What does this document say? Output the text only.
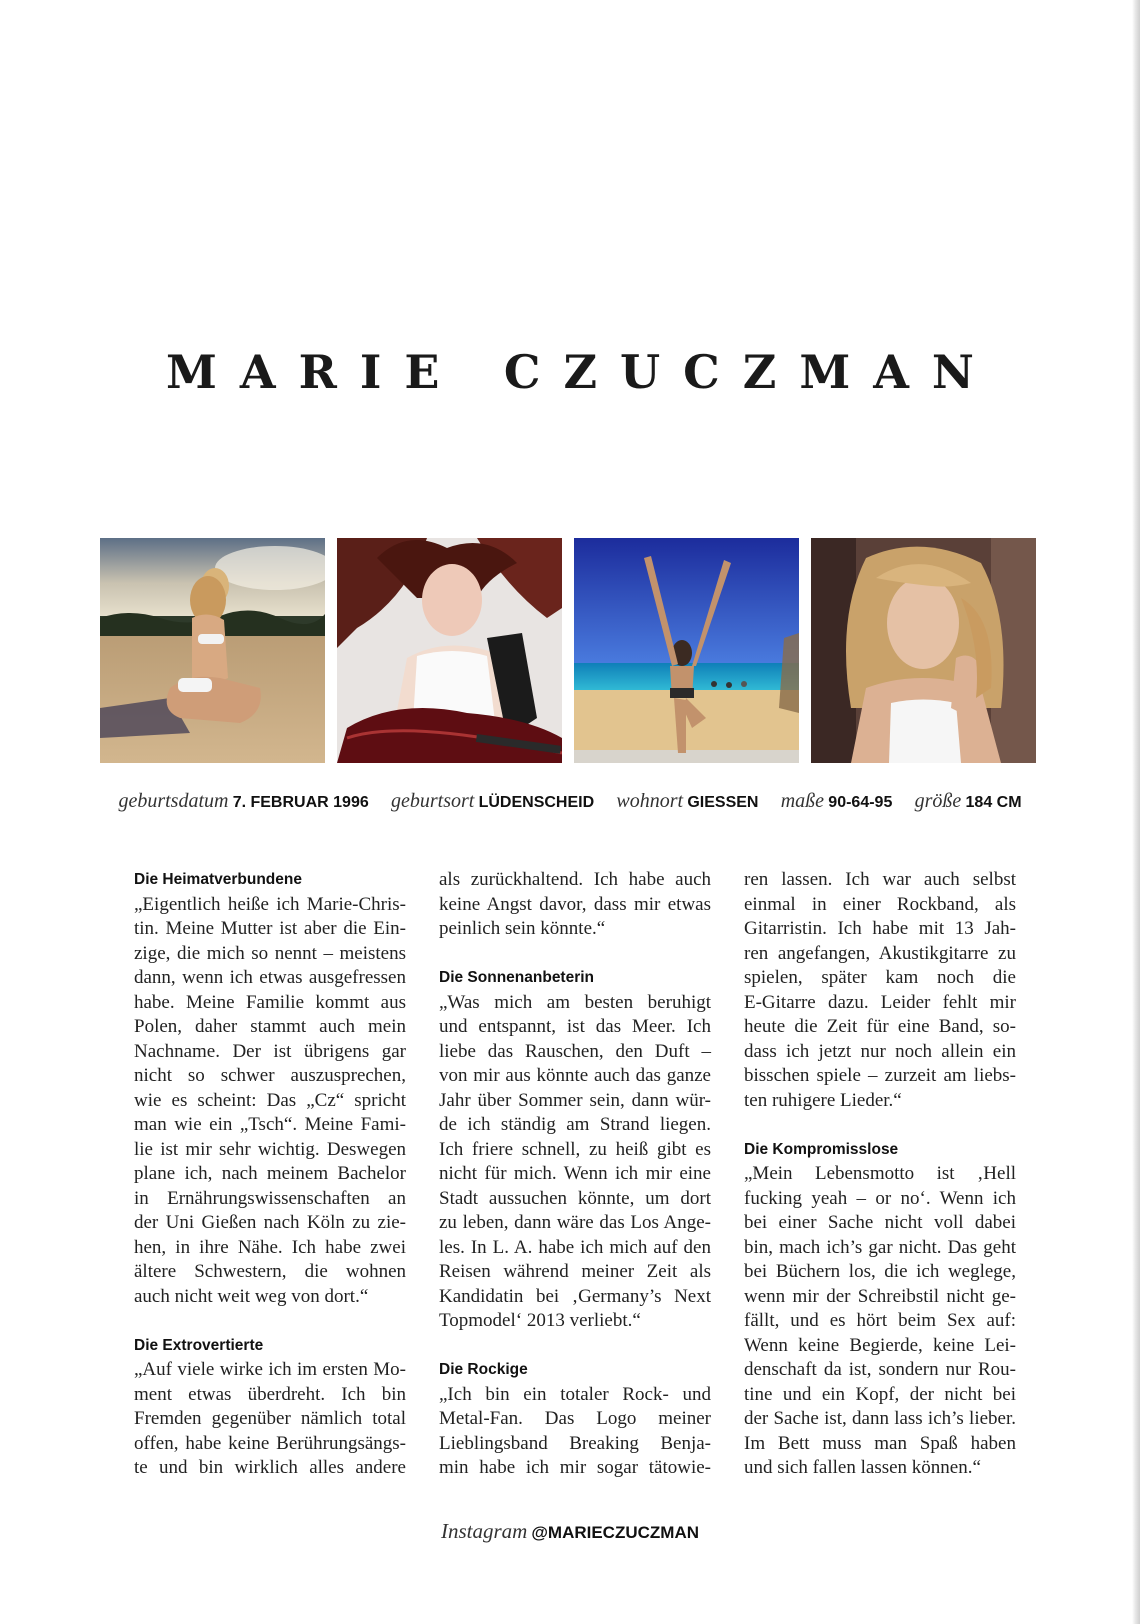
MARIE CZUCZMAN
geburtsdatum 7. FEBRUAR 1996 geburtsort LÜDENSCHEID wohnort GIESSEN maße 90-64-95 größe 184 CM
Die Heimatverbundene

„Eigentlich heiße ich Marie-Chris-
tin. Meine Mutter ist aber die Ein-
zige, die mich so nennt – meistens
dann, wenn ich etwas ausgefressen
habe. Meine Familie kommt aus
Polen, daher stammt auch mein
Nachname. Der ist übrigens gar
nicht so schwer auszusprechen,
wie es scheint: Das „Cz“ spricht
man wie ein „Tsch“. Meine Fami-
lie ist mir sehr wichtig. Deswegen
plane ich, nach meinem Bachelor
in Ernährungswissenschaften an
der Uni Gießen nach Köln zu zie-
hen, in ihre Nähe. Ich habe zwei
ältere Schwestern, die wohnen
auch nicht weit weg von dort.“

Die Extrovertierte

„Auf viele wirke ich im ersten Mo-
ment etwas überdreht. Ich bin
Fremden gegenüber nämlich total
offen, habe keine Berührungsängs-
te und bin wirklich alles andere

als zurückhaltend. Ich habe auch
keine Angst davor, dass mir etwas
peinlich sein könnte.“

Die Sonnenanbeterin

„Was mich am besten beruhigt
und entspannt, ist das Meer. Ich
liebe das Rauschen, den Duft –
von mir aus könnte auch das ganze
Jahr über Sommer sein, dann wür-
de ich ständig am Strand liegen.
Ich friere schnell, zu heiß gibt es
nicht für mich. Wenn ich mir eine
Stadt aussuchen könnte, um dort
zu leben, dann wäre das Los Ange-
les. In L. A. habe ich mich auf den
Reisen während meiner Zeit als
Kandidatin bei ‚Germany’s Next
Topmodel‘ 2013 verliebt.“

Die Rockige

„Ich bin ein totaler Rock- und
Metal-Fan. Das Logo meiner
Lieblingsband Breaking Benja-
min habe ich mir sogar tätowie-

ren lassen. Ich war auch selbst
einmal in einer Rockband, als
Gitarristin. Ich habe mit 13 Jah-
ren angefangen, Akustikgitarre zu
spielen, später kam noch die
E-Gitarre dazu. Leider fehlt mir
heute die Zeit für eine Band, so-
dass ich jetzt nur noch allein ein
bisschen spiele – zurzeit am liebs-
ten ruhigere Lieder.“

Die Kompromisslose

„Mein Lebensmotto ist ‚Hell
fucking yeah – or no‘. Wenn ich
bei einer Sache nicht voll dabei
bin, mach ich’s gar nicht. Das geht
bei Büchern los, die ich weglege,
wenn mir der Schreibstil nicht ge-
fällt, und es hört beim Sex auf:
Wenn keine Begierde, keine Lei-
denschaft da ist, sondern nur Rou-
tine und ein Kopf, der nicht bei
der Sache ist, dann lass ich’s lieber.
Im Bett muss man Spaß haben
und sich fallen lassen können.“

Instagram @MARIECZUCZMAN
